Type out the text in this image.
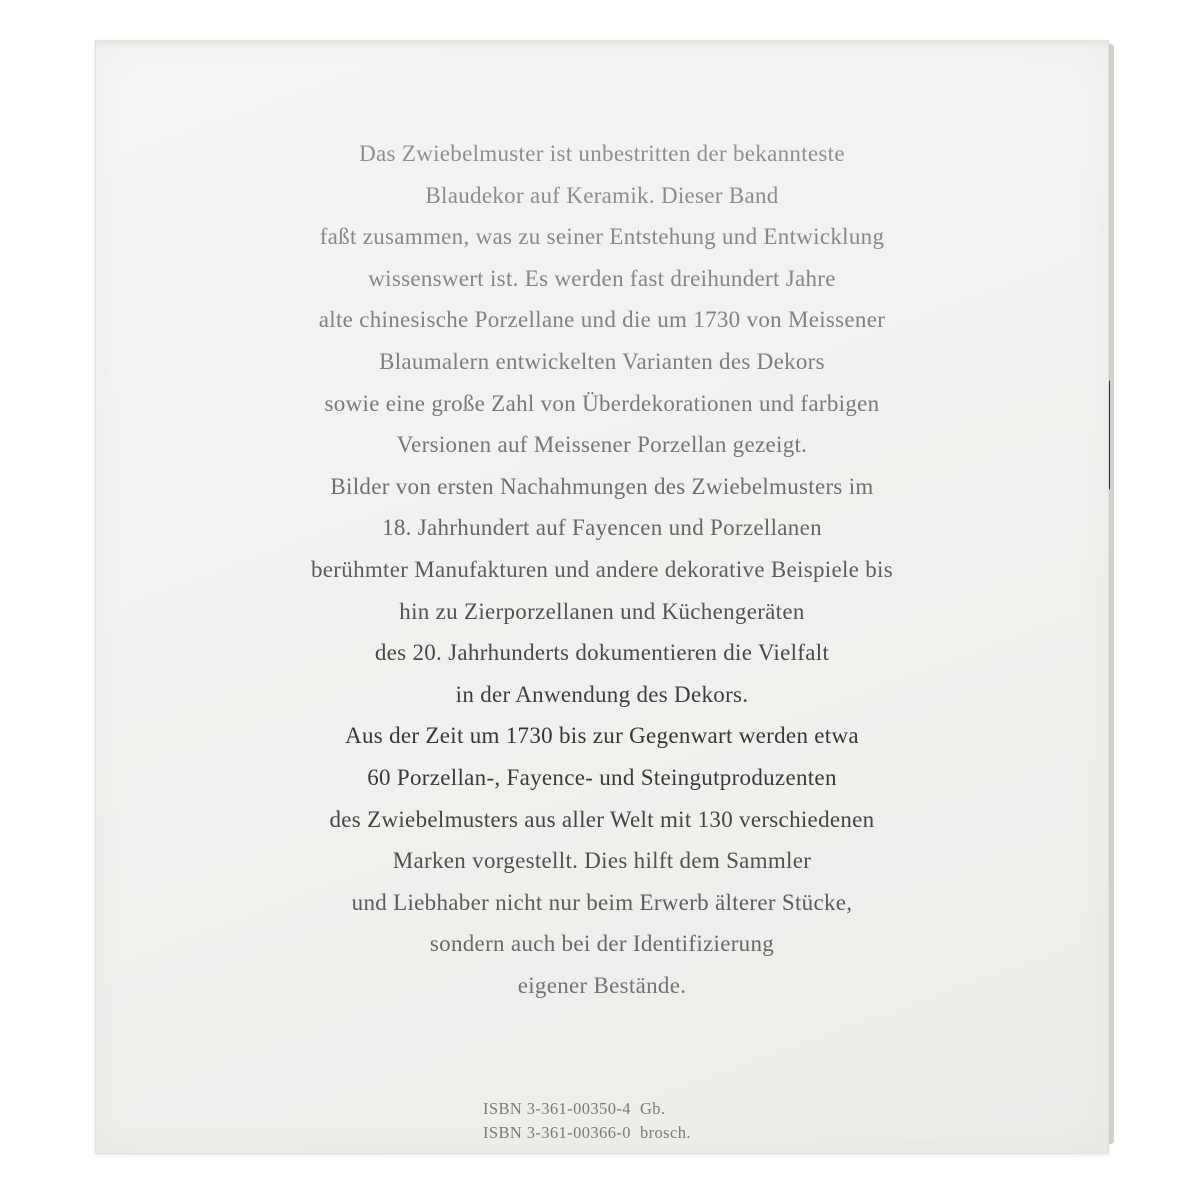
Das Zwiebelmuster ist unbestritten der bekannteste
Blaudekor auf Keramik. Dieser Band
faßt zusammen, was zu seiner Entstehung und Entwicklung
wissenswert ist. Es werden fast dreihundert Jahre
alte chinesische Porzellane und die um 1730 von Meissener
Blaumalern entwickelten Varianten des Dekors
sowie eine große Zahl von Überdekorationen und farbigen
Versionen auf Meissener Porzellan gezeigt.
Bilder von ersten Nachahmungen des Zwiebelmusters im
18. Jahrhundert auf Fayencen und Porzellanen
berühmter Manufakturen und andere dekorative Beispiele bis
hin zu Zierporzellanen und Küchengeräten
des 20. Jahrhunderts dokumentieren die Vielfalt
in der Anwendung des Dekors.
Aus der Zeit um 1730 bis zur Gegenwart werden etwa
60 Porzellan-, Fayence- und Steingutproduzenten
des Zwiebelmusters aus aller Welt mit 130 verschiedenen
Marken vorgestellt. Dies hilft dem Sammler
und Liebhaber nicht nur beim Erwerb älterer Stücke,
sondern auch bei der Identifizierung
eigener Bestände.
ISBN 3-361-00350-4  Gb.
ISBN 3-361-00366-0  brosch.
